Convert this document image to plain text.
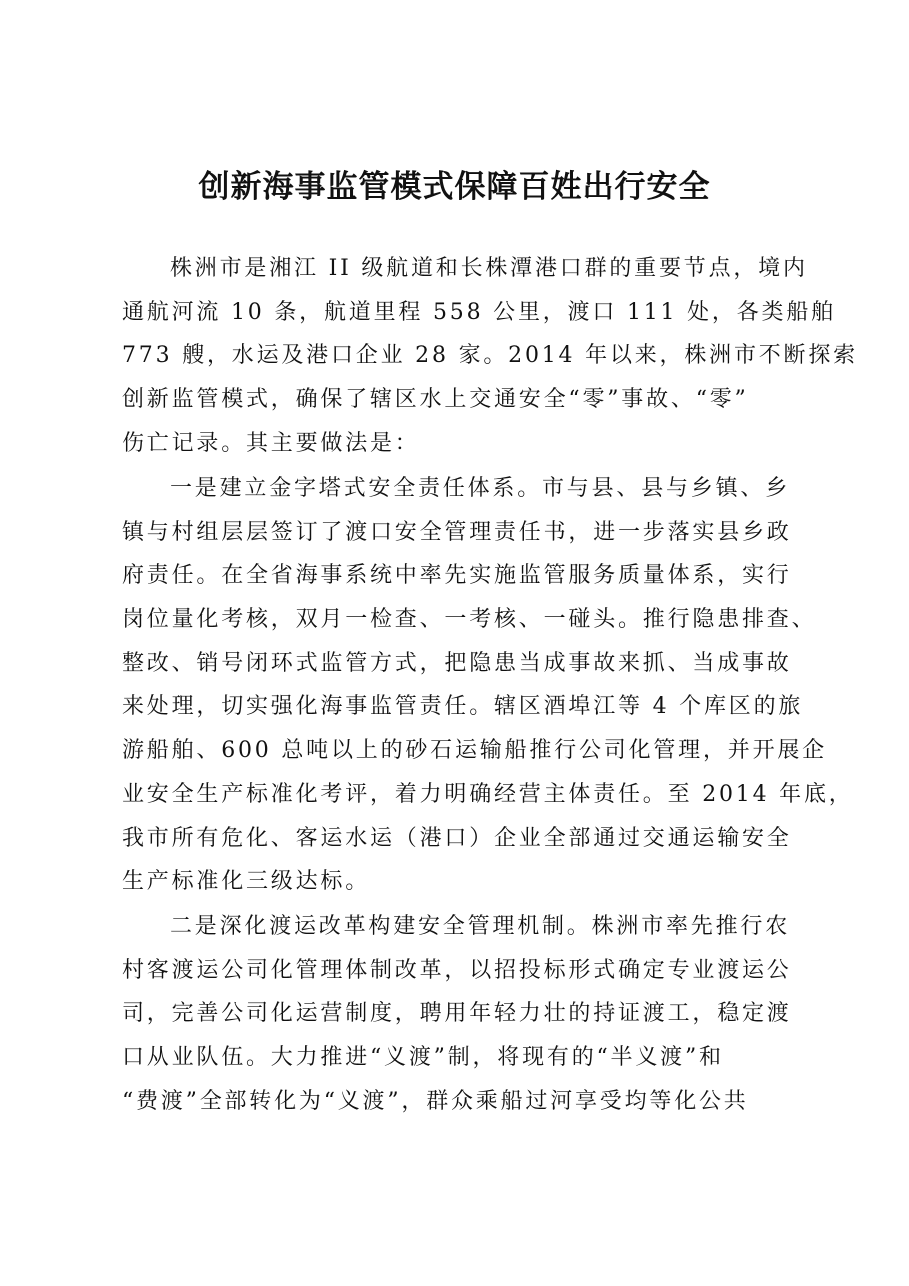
创新海事监管模式保障百姓出行安全
株洲市是湘江 II 级航道和长株潭港口群的重要节点，境内
通航河流 10 条，航道里程 558 公里，渡口 111 处，各类船舶
773 艘，水运及港口企业 28 家。2014 年以来，株洲市不断探索
创新监管模式，确保了辖区水上交通安全“零”事故、“零”
伤亡记录。其主要做法是：
一是建立金字塔式安全责任体系。市与县、县与乡镇、乡
镇与村组层层签订了渡口安全管理责任书，进一步落实县乡政
府责任。在全省海事系统中率先实施监管服务质量体系，实行
岗位量化考核，双月一检查、一考核、一碰头。推行隐患排查、
整改、销号闭环式监管方式，把隐患当成事故来抓、当成事故
来处理，切实强化海事监管责任。辖区酒埠江等 4 个库区的旅
游船舶、600 总吨以上的砂石运输船推行公司化管理，并开展企
业安全生产标准化考评，着力明确经营主体责任。至 2014 年底，
我市所有危化、客运水运（港口）企业全部通过交通运输安全
生产标准化三级达标。
二是深化渡运改革构建安全管理机制。株洲市率先推行农
村客渡运公司化管理体制改革，以招投标形式确定专业渡运公
司，完善公司化运营制度，聘用年轻力壮的持证渡工，稳定渡
口从业队伍。大力推进“义渡”制，将现有的“半义渡”和
“费渡”全部转化为“义渡”，群众乘船过河享受均等化公共
